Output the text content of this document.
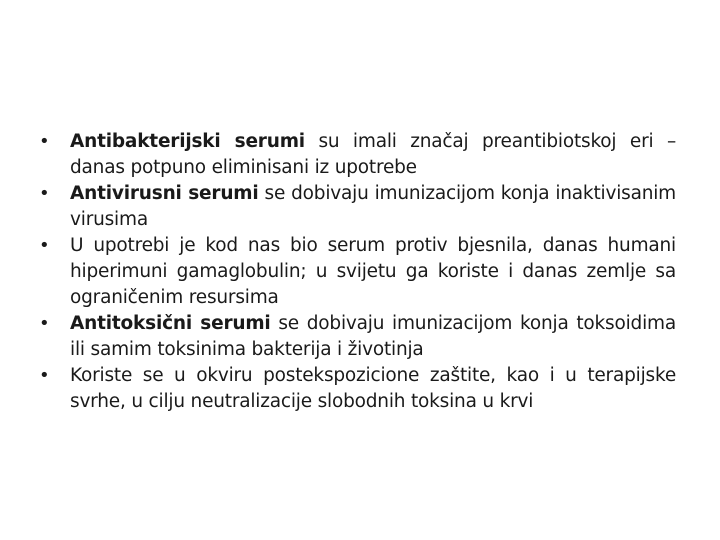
• Antibakterijski serumi su imali značaj preantibiotskoj eri – danas potpuno eliminisani iz upotrebe
• Antivirusni serumi se dobivaju imunizacijom konja inaktivisanim virusima
• U upotrebi je kod nas bio serum protiv bjesnila, danas humani hiperimuni gamaglobulin; u svijetu ga koriste i danas zemlje sa ograničenim resursima
• Antitoksični serumi se dobivaju imunizacijom konja toksoidima ili samim toksinima bakterija i životinja
• Koriste se u okviru postekspozicione zaštite, kao i u terapijske svrhe, u cilju neutralizacije slobodnih toksina u krvi
